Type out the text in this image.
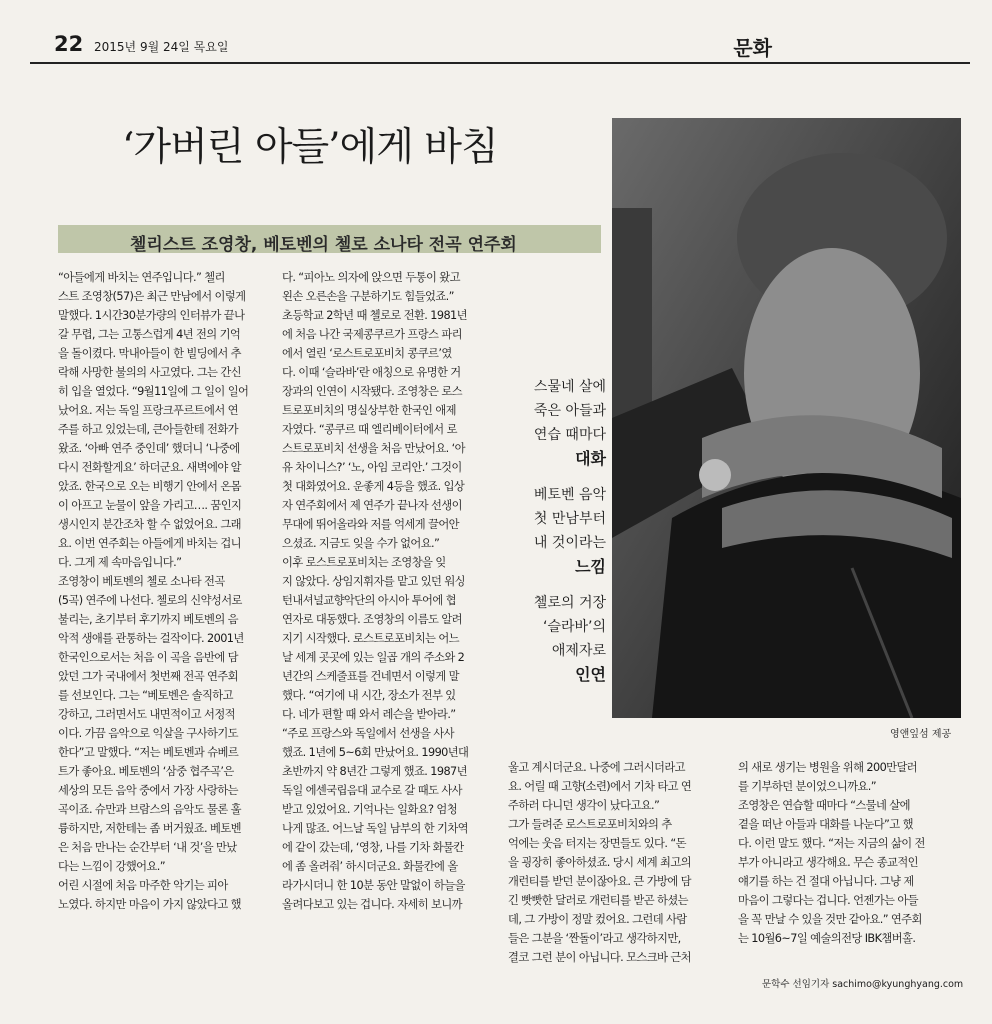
22 2015년 9월 24일 목요일	문화
‘가버린 아들’에게 바침
첼리스트 조영창, 베토벤의 첼로 소나타 전곡 연주회

“아들에게 바치는 연주입니다.” 첼리

스트 조영창(57)은 최근 만남에서 이렇게

말했다. 1시간30분가량의 인터뷰가 끝나

갈 무렵, 그는 고통스럽게 4년 전의 기억

을 돌이켰다. 막내아들이 한 빌딩에서 추

락해 사망한 불의의 사고였다. 그는 간신

히 입을 열었다. “9월11일에 그 일이 일어

났어요. 저는 독일 프랑크푸르트에서 연

주를 하고 있었는데, 큰아들한테 전화가

왔죠. ‘아빠 연주 중인데’ 했더니 ‘나중에

다시 전화할게요’ 하더군요. 새벽에야 알

았죠. 한국으로 오는 비행기 안에서 온몸

이 아프고 눈물이 앞을 가리고…. 꿈인지

생시인지 분간조차 할 수 없었어요. 그래

요. 이번 연주회는 아들에게 바치는 겁니

다. 그게 제 속마음입니다.”

조영창이 베토벤의 첼로 소나타 전곡

(5곡) 연주에 나선다. 첼로의 신약성서로

불리는, 초기부터 후기까지 베토벤의 음

악적 생애를 관통하는 걸작이다. 2001년

한국인으로서는 처음 이 곡을 음반에 담

았던 그가 국내에서 첫번째 전곡 연주회

를 선보인다. 그는 “베토벤은 솔직하고

강하고, 그러면서도 내면적이고 서정적

이다. 가끔 음악으로 익살을 구사하기도

한다”고 말했다. “저는 베토벤과 슈베르

트가 좋아요. 베토벤의 ‘삼중 협주곡’은

세상의 모든 음악 중에서 가장 사랑하는

곡이죠. 슈만과 브람스의 음악도 물론 훌

륭하지만, 저한테는 좀 버거웠죠. 베토벤

은 처음 만나는 순간부터 ‘내 것’을 만났

다는 느낌이 강했어요.”

어린 시절에 처음 마주한 악기는 피아

노였다. 하지만 마음이 가지 않았다고 했

다. “피아노 의자에 앉으면 두통이 왔고

왼손 오른손을 구분하기도 힘들었죠.”

초등학교 2학년 때 첼로로 전환. 1981년

에 처음 나간 국제콩쿠르가 프랑스 파리

에서 열린 ‘로스트로포비치 콩쿠르’였

다. 이때 ‘슬라바’란 애칭으로 유명한 거

장과의 인연이 시작됐다. 조영창은 로스

트로포비치의 명실상부한 한국인 애제

자였다. “콩쿠르 때 엘리베이터에서 로

스트로포비치 선생을 처음 만났어요. ‘아

유 차이니스?’ ‘노, 아임 코리안.’ 그것이

첫 대화였어요. 운좋게 4등을 했죠. 입상

자 연주회에서 제 연주가 끝나자 선생이

무대에 뛰어올라와 저를 억세게 끌어안

으셨죠. 지금도 잊을 수가 없어요.”

이후 로스트로포비치는 조영창을 잊

지 않았다. 상임지휘자를 맡고 있던 워싱

턴내셔널교향악단의 아시아 투어에 협

연자로 대동했다. 조영창의 이름도 알려

지기 시작했다. 로스트로포비치는 어느

날 세계 곳곳에 있는 일곱 개의 주소와 2

년간의 스케줄표를 건네면서 이렇게 말

했다. “여기에 내 시간, 장소가 전부 있

다. 네가 편할 때 와서 레슨을 받아라.”

“주로 프랑스와 독일에서 선생을 사사

했죠. 1년에 5~6회 만났어요. 1990년대

초반까지 약 8년간 그렇게 했죠. 1987년

독일 에센국립음대 교수로 갈 때도 사사

받고 있었어요. 기억나는 일화요? 엄청

나게 많죠. 어느날 독일 남부의 한 기차역

에 같이 갔는데, ‘영창, 나를 기차 화물칸

에 좀 올려줘’ 하시더군요. 화물칸에 올

라가시더니 한 10분 동안 말없이 하늘을

올려다보고 있는 겁니다. 자세히 보니까

울고 계시더군요. 나중에 그러시더라고

요. 어릴 때 고향(소련)에서 기차 타고 연

주하러 다니던 생각이 났다고요.”

그가 들려준 로스트로포비치와의 추

억에는 웃음 터지는 장면들도 있다. “돈

을 굉장히 좋아하셨죠. 당시 세계 최고의

개런티를 받던 분이잖아요. 큰 가방에 담

긴 빳빳한 달러로 개런티를 받곤 하셨는

데, 그 가방이 정말 컸어요. 그런데 사람

들은 그분을 ‘짠돌이’라고 생각하지만,

결코 그런 분이 아닙니다. 모스크바 근처

의 새로 생기는 병원을 위해 200만달러

를 기부하던 분이었으니까요.”

조영창은 연습할 때마다 “스물네 살에

곁을 떠난 아들과 대화를 나눈다”고 했

다. 이런 말도 했다. “저는 지금의 삶이 전

부가 아니라고 생각해요. 무슨 종교적인

얘기를 하는 건 절대 아닙니다. 그냥 제

마음이 그렇다는 겁니다. 언젠가는 아들

을 꼭 만날 수 있을 것만 같아요.” 연주회

는 10월6~7일 예술의전당 IBK챔버홀.

스물네 살에
죽은 아들과
연습 때마다
대화
베토벤 음악
첫 만남부터
내 것이라는
느낌
첼로의 거장
‘슬라바’의
애제자로
인연
영앤잎섬 제공
문학수 선임기자 sachimo@kyunghyang.com
